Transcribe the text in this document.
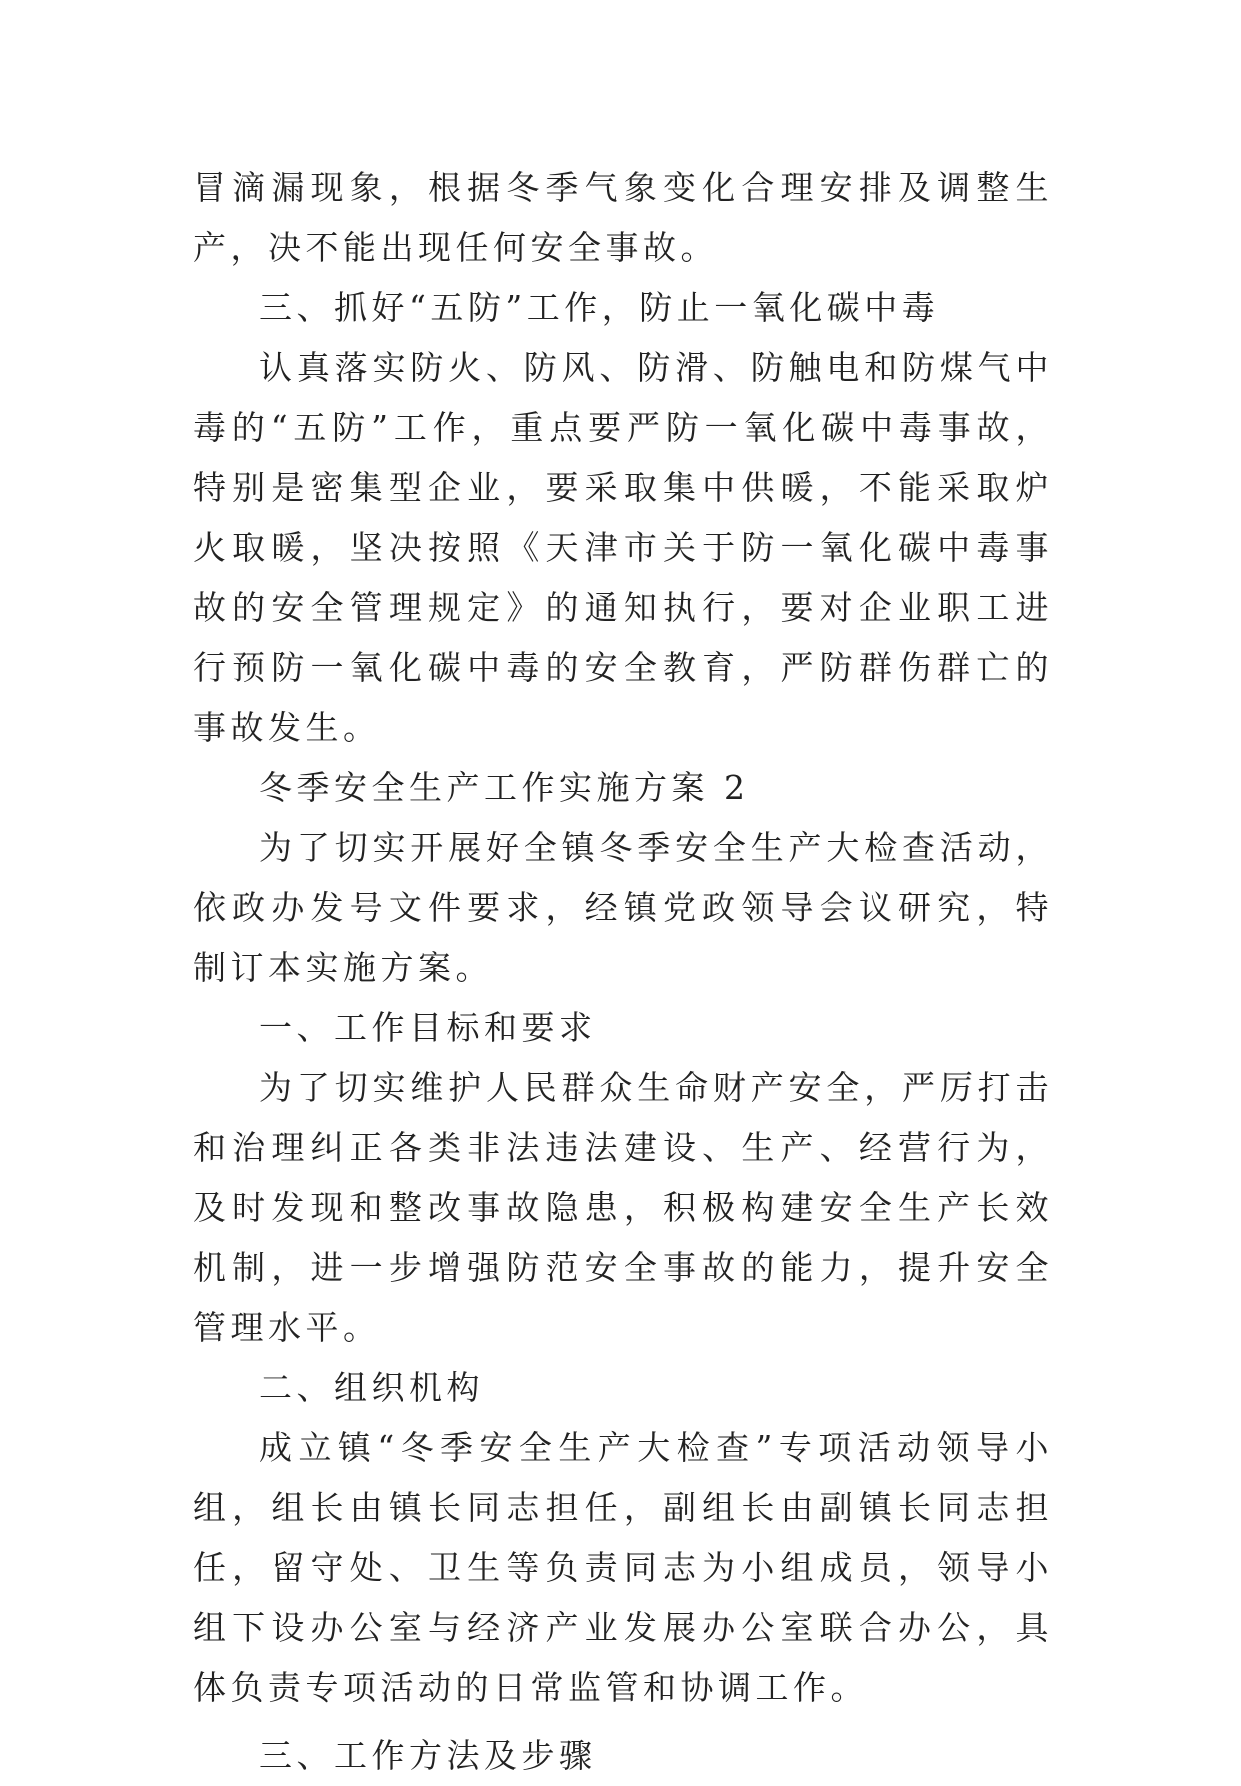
冒滴漏现象，根据冬季气象变化合理安排及调整生产，决不能出现任何安全事故。

三、抓好“五防”工作，防止一氧化碳中毒

认真落实防火、防风、防滑、防触电和防煤气中毒的“五防”工作，重点要严防一氧化碳中毒事故，特别是密集型企业，要采取集中供暖，不能采取炉火取暖，坚决按照《天津市关于防一氧化碳中毒事故的安全管理规定》的通知执行，要对企业职工进行预防一氧化碳中毒的安全教育，严防群伤群亡的事故发生。

冬季安全生产工作实施方案 2

为了切实开展好全镇冬季安全生产大检查活动，依政办发号文件要求，经镇党政领导会议研究，特制订本实施方案。

一、工作目标和要求

为了切实维护人民群众生命财产安全，严厉打击和治理纠正各类非法违法建设、生产、经营行为，及时发现和整改事故隐患，积极构建安全生产长效机制，进一步增强防范安全事故的能力，提升安全管理水平。

二、组织机构

成立镇“冬季安全生产大检查”专项活动领导小组，组长由镇长同志担任，副组长由副镇长同志担任，留守处、卫生等负责同志为小组成员，领导小组下设办公室与经济产业发展办公室联合办公，具体负责专项活动的日常监管和协调工作。

三、工作方法及步骤
